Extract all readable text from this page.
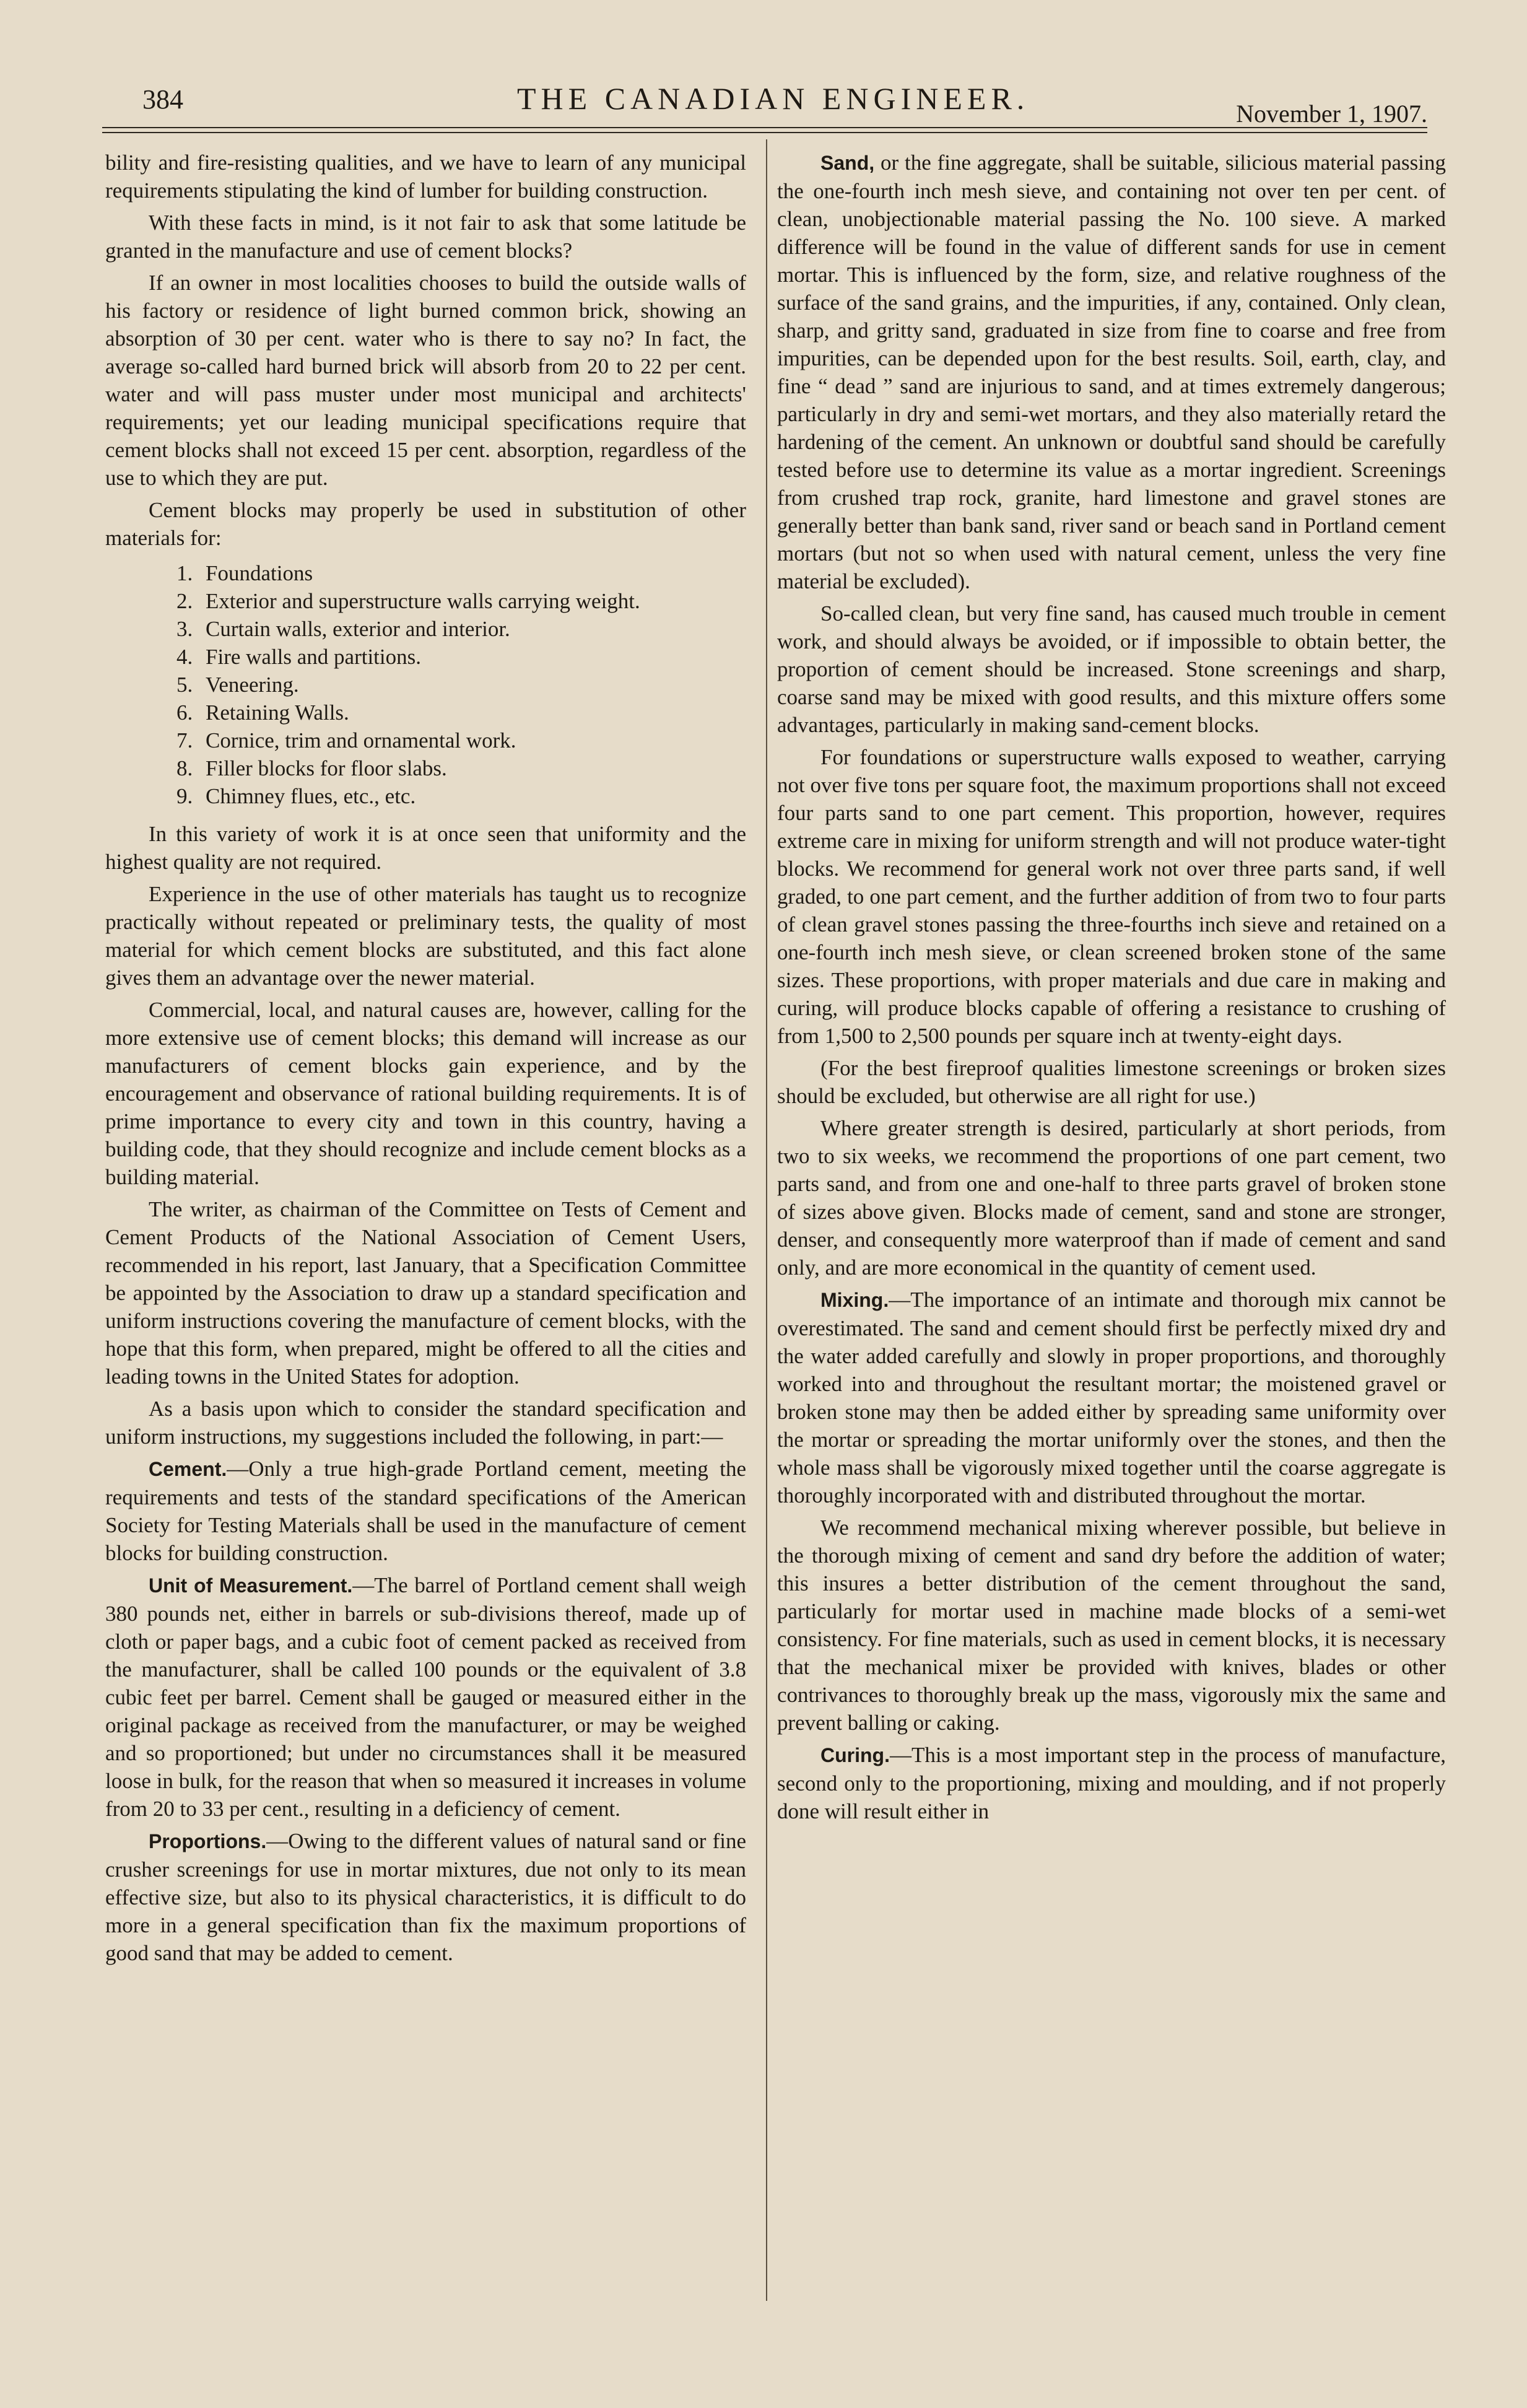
384	THE CANADIAN ENGINEER.	November 1, 1907.

bility and fire-resisting qualities, and we have to learn of any municipal requirements stipulating the kind of lumber for building construction.

With these facts in mind, is it not fair to ask that some latitude be granted in the manufacture and use of cement blocks?

If an owner in most localities chooses to build the outside walls of his factory or residence of light burned common brick, showing an absorption of 30 per cent. water who is there to say no? In fact, the average so-called hard burned brick will absorb from 20 to 22 per cent. water and will pass muster under most municipal and architects' requirements; yet our leading municipal specifications require that cement blocks shall not exceed 15 per cent. absorption, regardless of the use to which they are put.

Cement blocks may properly be used in substitution of other materials for:

1. Foundations
2. Exterior and superstructure walls carrying weight.
3. Curtain walls, exterior and interior.
4. Fire walls and partitions.
5. Veneering.
6. Retaining Walls.
7. Cornice, trim and ornamental work.
8. Filler blocks for floor slabs.
9. Chimney flues, etc., etc.

In this variety of work it is at once seen that uniformity and the highest quality are not required.

Experience in the use of other materials has taught us to recognize practically without repeated or preliminary tests, the quality of most material for which cement blocks are substituted, and this fact alone gives them an advantage over the newer material.

Commercial, local, and natural causes are, however, calling for the more extensive use of cement blocks; this demand will increase as our manufacturers of cement blocks gain experience, and by the encouragement and observance of rational building requirements. It is of prime importance to every city and town in this country, having a building code, that they should recognize and include cement blocks as a building material.

The writer, as chairman of the Committee on Tests of Cement and Cement Products of the National Association of Cement Users, recommended in his report, last January, that a Specification Committee be appointed by the Association to draw up a standard specification and uniform instructions covering the manufacture of cement blocks, with the hope that this form, when prepared, might be offered to all the cities and leading towns in the United States for adoption.

As a basis upon which to consider the standard specification and uniform instructions, my suggestions included the following, in part:—

Cement.—Only a true high-grade Portland cement, meeting the requirements and tests of the standard specifications of the American Society for Testing Materials shall be used in the manufacture of cement blocks for building construction.

Unit of Measurement.—The barrel of Portland cement shall weigh 380 pounds net, either in barrels or sub-divisions thereof, made up of cloth or paper bags, and a cubic foot of cement packed as received from the manufacturer, shall be called 100 pounds or the equivalent of 3.8 cubic feet per barrel. Cement shall be gauged or measured either in the original package as received from the manufacturer, or may be weighed and so proportioned; but under no circumstances shall it be measured loose in bulk, for the reason that when so measured it increases in volume from 20 to 33 per cent., resulting in a deficiency of cement.

Proportions.—Owing to the different values of natural sand or fine crusher screenings for use in mortar mixtures, due not only to its mean effective size, but also to its physical characteristics, it is difficult to do more in a general specification than fix the maximum proportions of good sand that may be added to cement.

Sand, or the fine aggregate, shall be suitable, silicious material passing the one-fourth inch mesh sieve, and containing not over ten per cent. of clean, unobjectionable material passing the No. 100 sieve. A marked difference will be found in the value of different sands for use in cement mortar. This is influenced by the form, size, and relative roughness of the surface of the sand grains, and the impurities, if any, contained. Only clean, sharp, and gritty sand, graduated in size from fine to coarse and free from impurities, can be depended upon for the best results. Soil, earth, clay, and fine “ dead ” sand are injurious to sand, and at times extremely dangerous; particularly in dry and semi-wet mortars, and they also materially retard the hardening of the cement. An unknown or doubtful sand should be carefully tested before use to determine its value as a mortar ingredient. Screenings from crushed trap rock, granite, hard limestone and gravel stones are generally better than bank sand, river sand or beach sand in Portland cement mortars (but not so when used with natural cement, unless the very fine material be excluded).

So-called clean, but very fine sand, has caused much trouble in cement work, and should always be avoided, or if impossible to obtain better, the proportion of cement should be increased. Stone screenings and sharp, coarse sand may be mixed with good results, and this mixture offers some advantages, particularly in making sand-cement blocks.

For foundations or superstructure walls exposed to weather, carrying not over five tons per square foot, the maximum proportions shall not exceed four parts sand to one part cement. This proportion, however, requires extreme care in mixing for uniform strength and will not produce water-tight blocks. We recommend for general work not over three parts sand, if well graded, to one part cement, and the further addition of from two to four parts of clean gravel stones passing the three-fourths inch sieve and retained on a one-fourth inch mesh sieve, or clean screened broken stone of the same sizes. These proportions, with proper materials and due care in making and curing, will produce blocks capable of offering a resistance to crushing of from 1,500 to 2,500 pounds per square inch at twenty-eight days.

(For the best fireproof qualities limestone screenings or broken sizes should be excluded, but otherwise are all right for use.)

Where greater strength is desired, particularly at short periods, from two to six weeks, we recommend the proportions of one part cement, two parts sand, and from one and one-half to three parts gravel of broken stone of sizes above given. Blocks made of cement, sand and stone are stronger, denser, and consequently more waterproof than if made of cement and sand only, and are more economical in the quantity of cement used.

Mixing.—The importance of an intimate and thorough mix cannot be overestimated. The sand and cement should first be perfectly mixed dry and the water added carefully and slowly in proper proportions, and thoroughly worked into and throughout the resultant mortar; the moistened gravel or broken stone may then be added either by spreading same uniformity over the mortar or spreading the mortar uniformly over the stones, and then the whole mass shall be vigorously mixed together until the coarse aggregate is thoroughly incorporated with and distributed throughout the mortar.

We recommend mechanical mixing wherever possible, but believe in the thorough mixing of cement and sand dry before the addition of water; this insures a better distribution of the cement throughout the sand, particularly for mortar used in machine made blocks of a semi-wet consistency. For fine materials, such as used in cement blocks, it is necessary that the mechanical mixer be provided with knives, blades or other contrivances to thoroughly break up the mass, vigorously mix the same and prevent balling or caking.

Curing.—This is a most important step in the process of manufacture, second only to the proportioning, mixing and moulding, and if not properly done will result either in
